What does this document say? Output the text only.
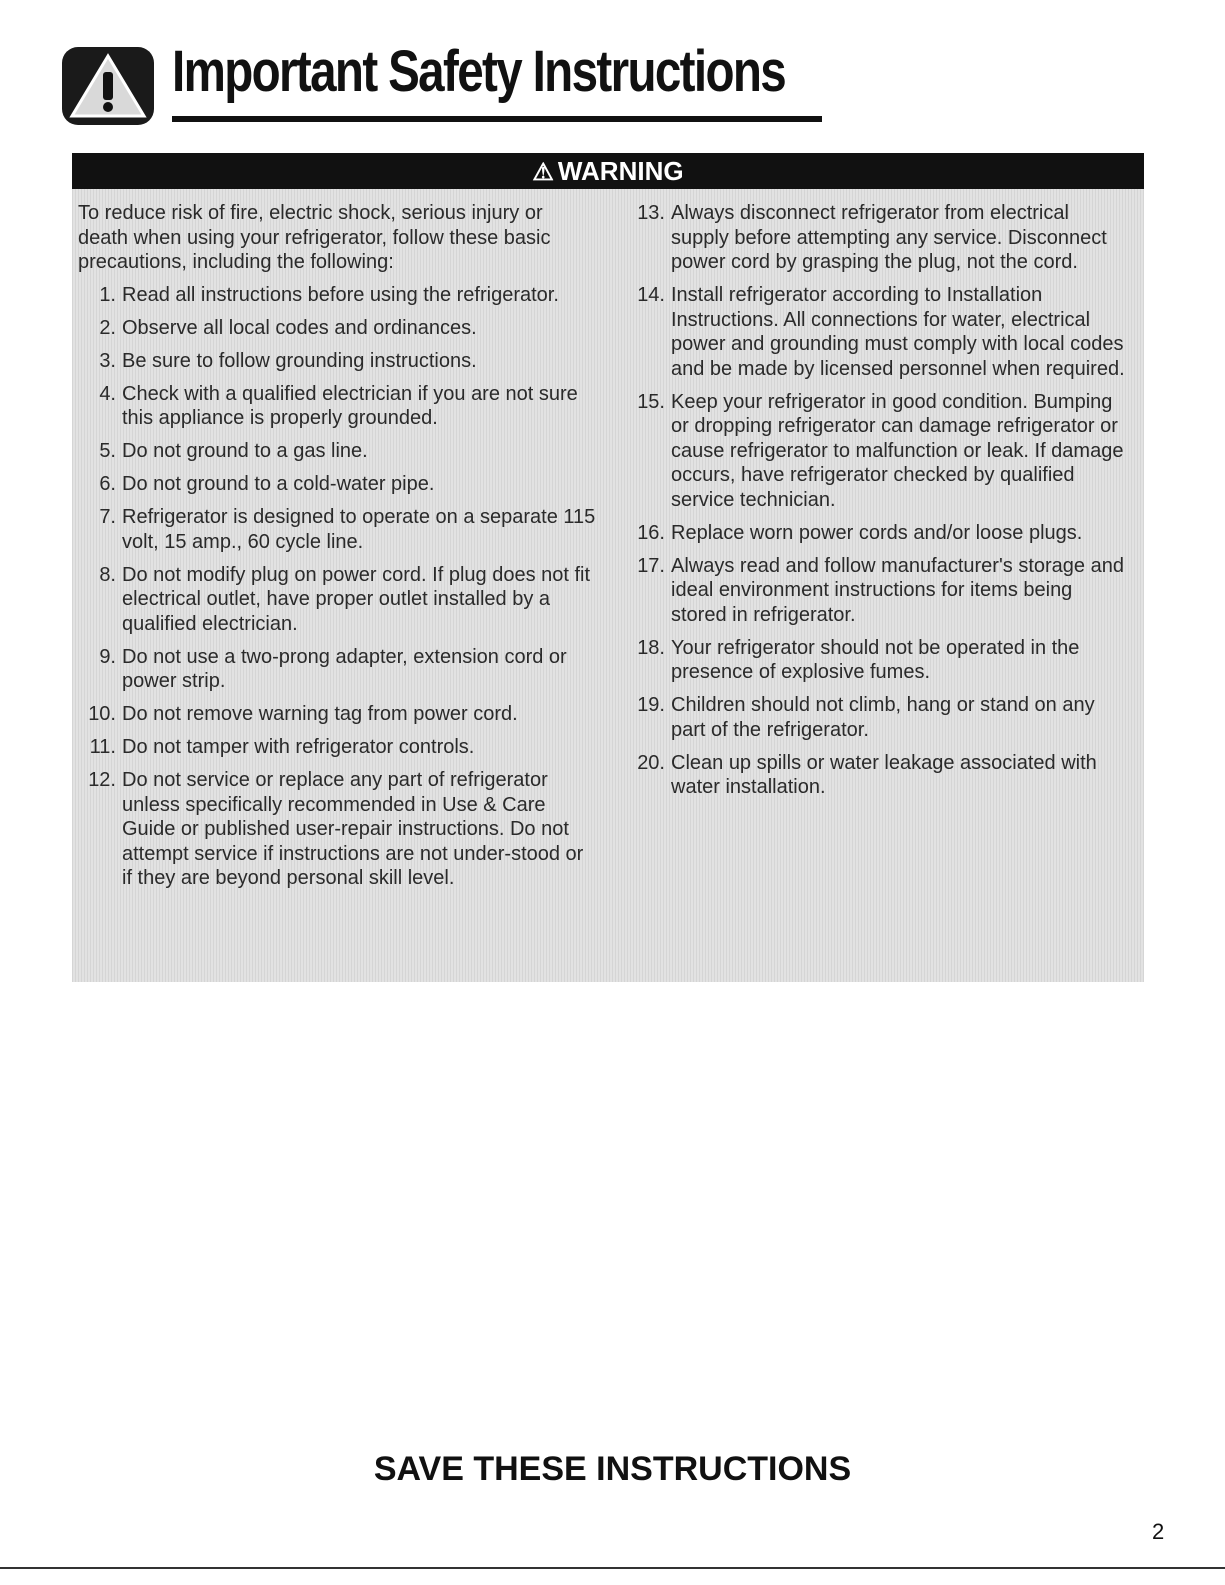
Important Safety Instructions
⚠ WARNING
To reduce risk of fire, electric shock, serious injury or death when using your refrigerator, follow these basic precautions, including the following:
1. Read all instructions before using the refrigerator.
2. Observe all local codes and ordinances.
3. Be sure to follow grounding instructions.
4. Check with a qualified electrician if you are not sure this appliance is properly grounded.
5. Do not ground to a gas line.
6. Do not ground to a cold-water pipe.
7. Refrigerator is designed to operate on a separate 115 volt, 15 amp., 60 cycle line.
8. Do not modify plug on power cord. If plug does not fit electrical outlet, have proper outlet installed by a qualified electrician.
9. Do not use a two-prong adapter, extension cord or power strip.
10. Do not remove warning tag from power cord.
11. Do not tamper with refrigerator controls.
12. Do not service or replace any part of refrigerator unless specifically recommended in Use & Care Guide or published user-repair instructions. Do not attempt service if instructions are not under-stood or if they are beyond personal skill level.
13. Always disconnect refrigerator from electrical supply before attempting any service. Disconnect power cord by grasping the plug, not the cord.
14. Install refrigerator according to Installation Instructions. All connections for water, electrical power and grounding must comply with local codes and be made by licensed personnel when required.
15. Keep your refrigerator in good condition. Bumping or dropping refrigerator can damage refrigerator or cause refrigerator to malfunction or leak. If damage occurs, have refrigerator checked by qualified service technician.
16. Replace worn power cords and/or loose plugs.
17. Always read and follow manufacturer's storage and ideal environment instructions for items being stored in refrigerator.
18. Your refrigerator should not be operated in the presence of explosive fumes.
19. Children should not climb, hang or stand on any part of the refrigerator.
20. Clean up spills or water leakage associated with water installation.
SAVE THESE INSTRUCTIONS
2
